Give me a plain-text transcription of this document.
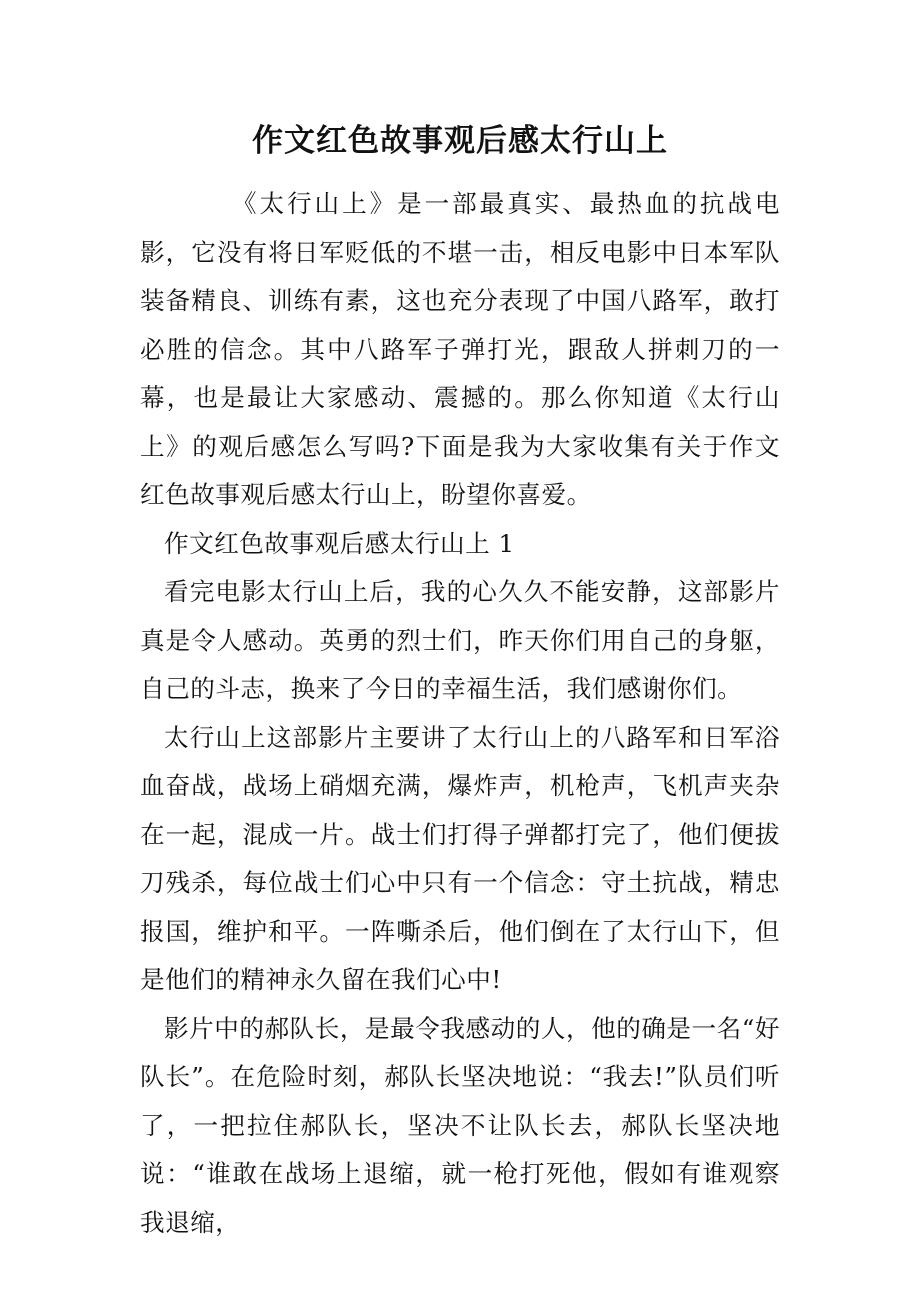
作文红色故事观后感太行山上

《太行山上》是一部最真实、最热血的抗战电影，它没有将日军贬低的不堪一击，相反电影中日本军队装备精良、训练有素，这也充分表现了中国八路军，敢打必胜的信念。其中八路军子弹打光，跟敌人拼刺刀的一幕，也是最让大家感动、震撼的。那么你知道《太行山上》的观后感怎么写吗?下面是我为大家收集有关于作文红色故事观后感太行山上，盼望你喜爱。

作文红色故事观后感太行山上 1

看完电影太行山上后，我的心久久不能安静，这部影片真是令人感动。英勇的烈士们，昨天你们用自己的身躯，自己的斗志，换来了今日的幸福生活，我们感谢你们。

太行山上这部影片主要讲了太行山上的八路军和日军浴血奋战，战场上硝烟充满，爆炸声，机枪声，飞机声夹杂在一起，混成一片。战士们打得子弹都打完了，他们便拔刀残杀，每位战士们心中只有一个信念：守土抗战，精忠报国，维护和平。一阵嘶杀后，他们倒在了太行山下，但是他们的精神永久留在我们心中!

影片中的郝队长，是最令我感动的人，他的确是一名“好队长”。在危险时刻，郝队长坚决地说：“我去!”队员们听了，一把拉住郝队长，坚决不让队长去，郝队长坚决地说：“谁敢在战场上退缩，就一枪打死他，假如有谁观察我退缩，
